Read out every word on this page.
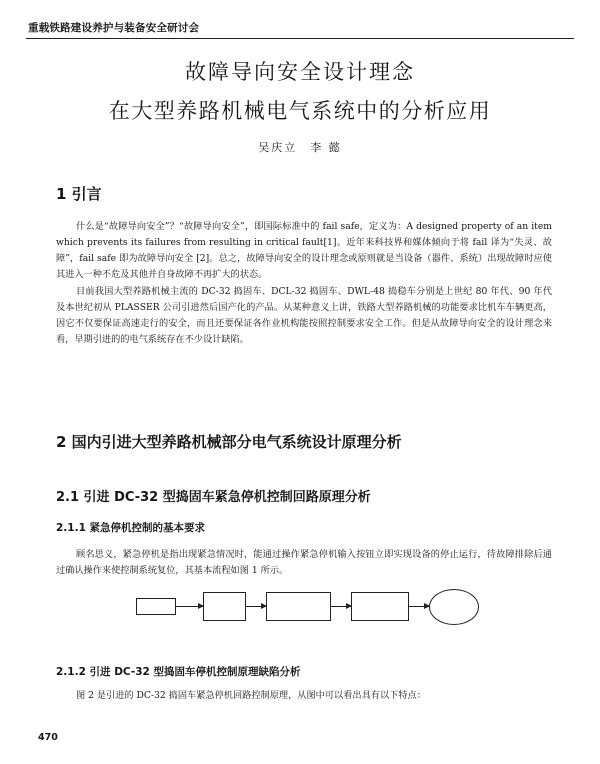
重载铁路建设养护与装备安全研讨会
故障导向安全设计理念
在大型养路机械电气系统中的分析应用
吴庆立　李 懿
1 引言

什么是“故障导向安全”？“故障导向安全”，即国际标准中的 fail safe，定义为：A designed property of an item which prevents its failures from resulting in critical fault[1]。近年来科技界和媒体倾向于将 fail 译为“失灵、故障”，fail safe 即为故障导向安全 [2]。总之，故障导向安全的设计理念或原则就是当设备（器件、系统）出现故障时应使其进入一种不危及其他并自身故障不再扩大的状态。

目前我国大型养路机械主流的 DC-32 捣固车、DCL-32 捣固车、DWL-48 捣稳车分别是上世纪 80 年代、90 年代及本世纪初从 PLASSER 公司引进然后国产化的产品。从某种意义上讲，铁路大型养路机械的功能要求比机车车辆更高，因它不仅要保证高速走行的安全，而且还要保证各作业机构能按照控制要求安全工作。但是从故障导向安全的设计理念来看，早期引进的的电气系统存在不少设计缺陷。

2 国内引进大型养路机械部分电气系统设计原理分析
2.1 引进 DC-32 型捣固车紧急停机控制回路原理分析
2.1.1 紧急停机控制的基本要求

顾名思义，紧急停机是指出现紧急情况时，能通过操作紧急停机输入按钮立即实现设备的停止运行，待故障排除后通过确认操作来使控制系统复位，其基本流程如图 1 所示。

2.1.2 引进 DC-32 型捣固车停机控制原理缺陷分析

图 2 是引进的 DC-32 捣固车紧急停机回路控制原理，从图中可以看出具有以下特点：

470
